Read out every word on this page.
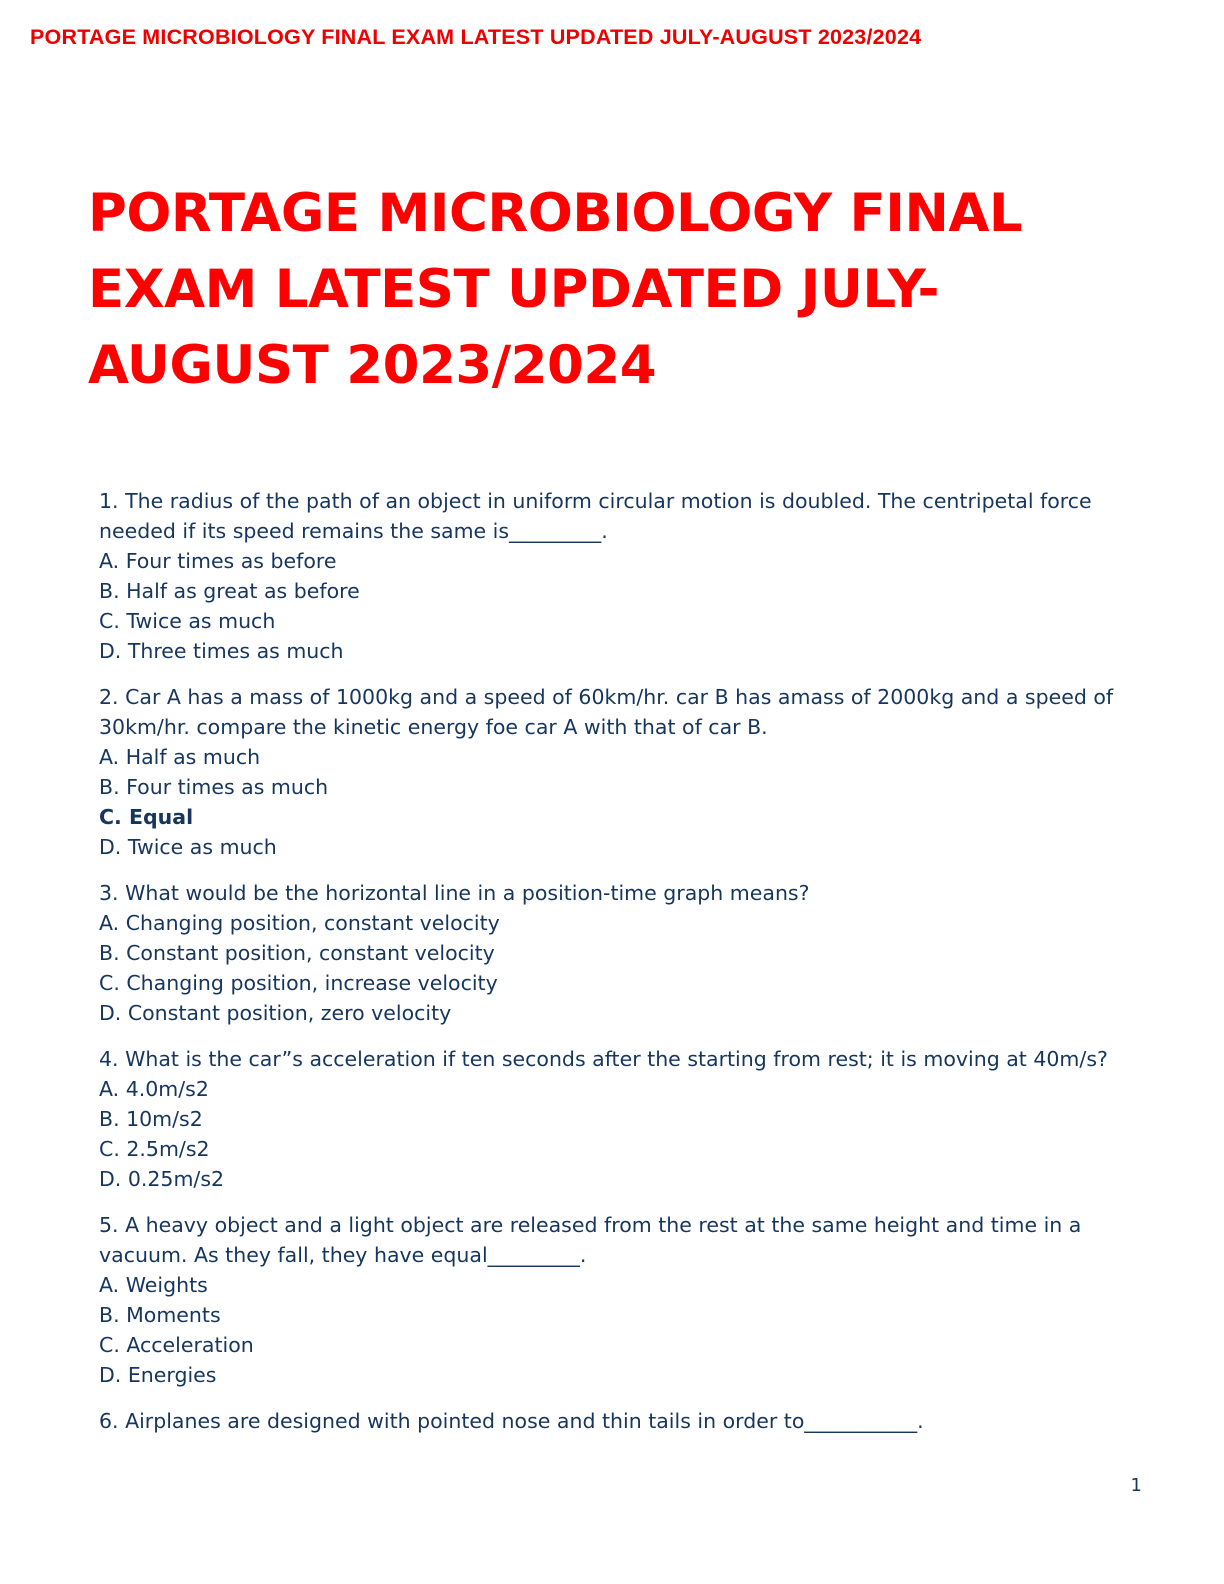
PORTAGE MICROBIOLOGY FINAL EXAM LATEST UPDATED JULY-AUGUST 2023/2024
PORTAGE MICROBIOLOGY FINAL EXAM LATEST UPDATED JULY-AUGUST 2023/2024

1. The radius of the path of an object in uniform circular motion is doubled. The centripetal force needed if its speed remains the same is_________.

A. Four times as before

B. Half as great as before

C. Twice as much

D. Three times as much

2. Car A has a mass of 1000kg and a speed of 60km/hr. car B has amass of 2000kg and a speed of 30km/hr. compare the kinetic energy foe car A with that of car B.

A. Half as much

B. Four times as much

C. Equal

D. Twice as much

3. What would be the horizontal line in a position-time graph means?

A. Changing position, constant velocity

B. Constant position, constant velocity

C. Changing position, increase velocity

D. Constant position, zero velocity

4. What is the car”s acceleration if ten seconds after the starting from rest; it is moving at 40m/s?

A. 4.0m/s2

B. 10m/s2

C. 2.5m/s2

D. 0.25m/s2

5. A heavy object and a light object are released from the rest at the same height and time in a vacuum. As they fall, they have equal_________.

A. Weights

B. Moments

C. Acceleration

D. Energies

6. Airplanes are designed with pointed nose and thin tails in order to___________.

1
